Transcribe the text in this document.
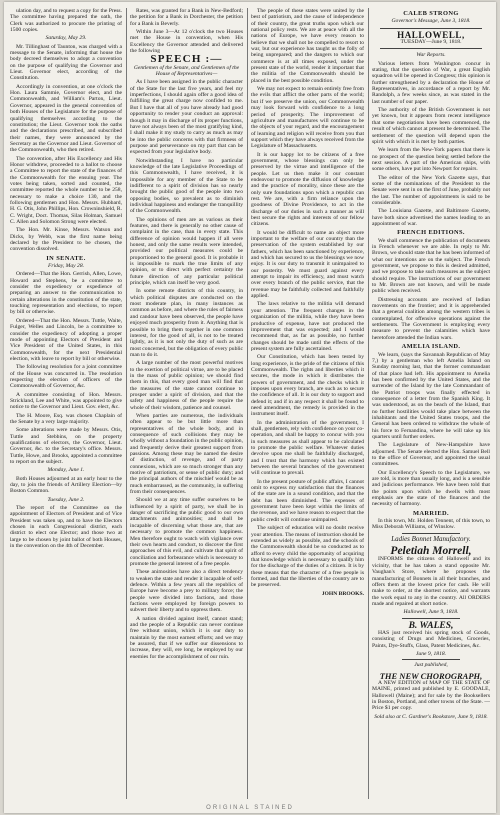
ulation day, and to request a copy for the Press. The committee having prepared the oath, the Clerk was authorized to procure the printing of 1500 copies.

Saturday, May 29.

Mr. Tillinghast of Taunton, was charged with a message to the Senate, informing that house the body decreed themselves to adopt a convention on the purpose of qualifying the Governor and Lieut. Governor elect, according of the Constitution.

Accordingly in convention, at one o'clock the Hon. Laura Sammie, Governor elect, and the Commonwealth, and William's Parton, Lieut. Governor, appeared in the general convention of both Houses of the Legislature for the purpose of qualifying themselves according to the constitution; the Lieut. Governor took the oaths and the declarations prescribed, and subscribed their names, they were announced by the Secretary as the Governor and Lieut. Governor of the Commonwealth, who then retired.

The convention, after His Excellency and His Honor withdrew, proceeded to a ballot to choose a Committee to report the state of the finances of the Commonwealth for the ensuing year. The votes being taken, sorted and counted, the committee reported the whole number to be 258, necessary to make a choice 130, and the following gentlemen and Hon. Messrs. Hubbard, H. G. Otis, John Phillips, Hon. Crowninshield, R. C. Wright, Doct. Thomas, Silas Holman, Samuel C. Allen and Solomon Strong were elected.

The Hon. Mr. Kinse, Messrs. Watson and Dicks, by Webb, was the first name being declared by the President to be chosen, the convention dissolved.

IN SENATE.

Friday, May 28.

Ordered—That the Hon. Gerrish, Allen, Lowe, Howard and Stephens, be a committee to consider the expediency or expedience of preparing an answer to the communication to certain alterations in the constitution of the state, touching representation and elections, to report by bill or otherwise.

Ordered—That the Hon. Messrs. Tuttle, Waite, Fulger, Welles and Lincoln, be a committee to consider the expediency of adopting a proper mode of appointing Electors of President and Vice President of the United States, in this Commonwealth, for the next Presidential election, with leave to report by bill or otherwise.

The following resolution for a joint committee of the House was concurred in. The resolution respecting the election of officers of the Commonwealth of Governor, &c.

A committee consisting of Hon. Messrs. Strickland, Lee and White, was appointed to give notice to the Governor and Lieut. Gov. elect, &c.

The H. Moore, Esq. was chosen Chaplain of the Senate by a very large majority.

Some alterations were made by Messrs. Otis, Tuttle and Stebbins, on the property qualifications of electors, the Governor, Lieut. Governor, &c. to the Secretary's office. Messrs. Tuttle, Howe, and Brooks, appointed a committee to report on the subject.

Monday, June 1.

Both Houses adjourned at an early hour to the day, to join the friends of Artillery Election—by Boston Common.

Tuesday, June 2.

The report of the Committee on the appointment of Electors of President and of Vice President was taken up, and to have the Electors chosen in each Congressional district, each district to elect one Elector; and those two at large to be chosen by joint ballot of both Houses, in the convention on the 4th of December.

Rates, was granted for a Bank in New-Bedford; the petition for a Bank in Dorchester, the petition for a Bank in Beverly.

Within June 3—At 12 o'clock the two Houses met the House in convention, when His Excellency the Governor attended and delivered the following

SPEECH :—

Gentlemen of the Senate, and Gentlemen of the House of Representatives—

As I have been assigned in the public character of the State for the last five years, and feel my imperfections, I should again offer a good idea of fulfilling the great charge now confided to me. But I have that all of you have already had good opportunity to render your conduct an approval: though it may in discharge of its proper functions, have not always been of the most gratifying kind, I shall make it my study to carry as much as may be into the public concerns with that firmness of purpose and perseverance on my part that can be expected from your legislative body.

Notwithstanding I have no particular knowledge of the late Legislative Proceedings of this Commonwealth, I have received, it is impossible for any member of the State to be indifferent to a spirit of division has so nearly brought the public good of the people into two opposing bodies, so prevalent as to diminish individual happiness and endanger the tranquillity of the Commonwealth.

The opinions of men are as various as their features, and there is generally no other cause of complaint in the case, than in every state. This difference of opinion would happen if all were honest, and only the same results were intended, provided our political measures could be proportioned to the general good. It is probable it is impossible to mark the true limits of any opinion, or to direct with perfect certainty the future direction of any particular political principle, which can itself be very good.

In some remote districts of this country, in which political disputes are conducted on the most moderate plan, in many instances as common as before, and where the rules of fairness and candour have been observed, the people have enjoyed much prosperity from it. Anything that is possible to bring them together in one common interest, for the good of all, is not to be treated lightly, as it is not only the duty of such as are most concerned, but the obligation of every public man to do it.

A large number of the most powerful motives to the exertion of political virtue, are to be placed in the mass of public opinion; we should find them in this, that every good man will find that the measures of the state cannot continue to prosper under a spirit of division, and that the safety and happiness of the people require the whole of their wisdom, patience and counsel.

When parties are numerous, the individuals often appear to be but little more than representatives of the whole body, and in consequence of such collisions they may be wholly without a foundation in the public opinion, and frequently derive their greatest support from passions. Among these may be named the desire of distinction, of revenge, and of party connexions, which are so much stronger than any motive of patriotism, or sense of public duty; and the principal authors of the mischief would be as much embarrassed, as the community, in suffering from their consequences.

Should we at any time suffer ourselves to be influenced by a spirit of party, we shall be in danger of sacrificing the public good to our own attachments and animosities; and shall be incapable of discerning what those are, that are necessary to promote the common happiness. Men therefore ought to watch with vigilance over their own hearts and conduct, to discover the first approaches of this evil, and cultivate that spirit of conciliation and forbearance which is necessary to promote the general interest of a free people.

These animosities have also a direct tendency to weaken the state and render it incapable of self-defence. Within a few years all the republics of Europe have become a prey to military force; the people were divided into factions, and those factions were employed by foreign powers to subvert their liberty and to oppress them.

A nation divided against itself, cannot stand; and the people of a Republic can never continue free without union, which it is our duty to maintain by the most earnest efforts; and we may be assured, that if we suffer our dissensions to increase, they will, ere long, be employed by our enemies for the accomplishment of our ruin.

The people of these states were united by the best of patriotism, and the cause of independence of their country, the great truths upon which our national policy rests. We are at peace with all the nations of Europe, we have every reason to believe that we shall not be compelled to resort to war, but our experience has taught us the folly of being unprepared; and the dangers to which our commerce is at all times exposed, under the present state of the world, render it important that the militia of the Commonwealth should be placed in the best possible condition.

We may not expect to remain entirely free from the evils that afflict the other parts of the world; but if we preserve the union, our Commonwealth may look forward with confidence to a long period of prosperity. The improvement of agriculture and manufactures will continue to be the objects of your regard, and the encouragement of learning and religion will receive from you that support which they have always received from the Legislature of Massachusetts.

It is our happy lot to be citizens of a free government, whose blessings can only be preserved by the virtue and intelligence of the people. Let us then make it our constant endeavour to promote the diffusion of knowledge and the practice of morality, since these are the only sure foundations upon which a republic can rest. We are, with a firm reliance upon the goodness of Divine Providence, to act in the discharge of our duties in such a manner as will best secure the rights and interests of our fellow citizens.

It would be difficult to name an object more important to the welfare of our country than the preservation of the system established by our fathers, which has been sanctioned by experience, and which has secured to us the blessings we now enjoy. It is our duty to transmit it unimpaired to our posterity. We must guard against every attempt to impair its efficiency, and must watch over every branch of the public service, that the revenue may be faithfully collected and faithfully applied.

The laws relative to the militia will demand your attention. The frequent changes in the organization of the militia, while they have been productive of expense, have not produced the improvement that was expected; and I would recommend that, as far as possible, no further changes should be made until the effects of the present system are fully ascertained.

Our Constitution, which has been tested by long experience, is the pride of the citizens of this Commonwealth. The rights and liberties which it secures, the mode in which it distributes the powers of government, and the checks which it imposes upon every branch, are such as to secure the confidence of all. It is our duty to support and defend it; and if in any respect it shall be found to need amendment, the remedy is provided in the instrument itself.

In the administration of the government, I shall, gentlemen, rely with confidence on your co-operation, and shall be happy to concur with you in such measures as shall appear to be calculated to promote the public welfare. Whatever duties devolve upon me shall be faithfully discharged, and I trust that the harmony which has existed between the several branches of the government will continue to prevail.

In the present posture of public affairs, I cannot omit to express my satisfaction that the finances of the state are in a sound condition, and that the debt has been diminished. The expenses of government have been kept within the limits of the revenue, and we have reason to expect that the public credit will continue unimpaired.

The subject of education will no doubt receive your attention. The means of instruction should be extended as widely as possible, and the schools of the Commonwealth should be so conducted as to afford to every child the opportunity of acquiring that knowledge which is necessary to qualify him for the discharge of the duties of a citizen. It is by these means that the character of a free people is formed, and that the liberties of the country are to be preserved.

JOHN BROOKS.

CALEB STRONG

Governor's Message, June 3, 1818.

HALLOWELL,
TUESDAY—June 9, 1818.

War Reports.

Various letters from Washington concur in stating, that the question of War, a great English squadron will be opened in Congress; this opinion is further strengthened by a declaration the House of Representatives, in accordance of a report by Mr. Randolph, a few weeks since, as was stated in the last number of our paper.

The authority of the British Government is not yet known, but it appears from recent intelligence that some negotiations have been commenced, the result of which cannot at present be determined. The settlement of the question will depend upon the spirit with which it is met by both parties.

We learn from the New-York papers that there is no prospect of the question being settled before the next session. A part of the American ships, with some others, have put into Newport for repairs.

The editor of the New York Gazette says, that some of the nominations of the President to the Senate were sent in on the first of June, probably not the last. The number of appointments is said to be considerable.

The Louisiana Gazette, and Baltimore Gazette, have both since advertised the names leading to an appointment of war.

FRENCH EDITIONS.

We shall commence the publication of documents in French whenever we are able. In reply to Mr. Brown, we should state that he has been informed of what our intentions are on the subject. The French government, we propose to this is desired admitted, and we propose to take such measures as the subject should require. The instructions of our government to Mr. Brown are not known, and will be made public when received.

Distressing accounts are received of Indian movements on the frontier; and it is apprehended that a general coalition among the western tribes is contemplated, for offensive operations against the settlements. The Government is employing every measure to prevent the calamities which have heretofore attended the Indian wars.

AMELIA ISLAND.

We learn, (says the Savannah Republican of May 7,) by a gentleman who left Amelia Island on Sunday morning last, that the former commandant of that place had left. His appointment to Amelia has been confirmed by the United States, and the surrender of the Island by the late Commandant of the Patriot troops was finally effected in consequence of a letter from the Spanish King. It was understood, as on the beach of the Island, that no further hostilities would take place between the inhabitants and the United States troops, and the General has been ordered to withdraw the whole of his force to Fernandina, where he will take up his quarters until further orders.

The Legislature of New-Hampshire have adjourned. The Senate elected the Hon. Samuel Bell to the office of Governor, and appointed the usual committees.

Our Excellency's Speech to the Legislature, we are told, is more than usually long, and is a sensible and judicious performance. We have been told that the points upon which he dwells with most emphasis are the state of the finances and the necessity of harmony.

MARRIED.

In this town, Mr. Holden Tennent, of this town, to Miss Deborah Williams, of Winslow.

Ladies Bonnet Manufactory.

Peletiah Morrell,

INFORMS the citizens of Hallowell and its vicinity, that he has taken a stand opposite Mr. Vaughan's Store, where he proposes the manufacturing of Bonnets in all their branches, and offers them at the lowest price for cash. He will make to order, at the shortest notice, and warrants the work equal to any in the country. All ORDERS made and repaired at short notice.

Hallowell, June 9, 1818.

B. WALES,

HAS just received his spring stock of Goods, consisting of Drugs and Medicines, Groceries, Paints, Dye-Stuffs, Glass, Patent Medicines, &c.

June 9, 1818.

Just published,

THE NEW CHOROGRAPH,

A NEW EDITION of MAP OF THE STATE OF MAINE, printed and published by E. GOODALE, Hallowell (Maine); and for sale by the Booksellers in Boston, Portland, and other towns of the State. — Price $1 per copy.

Sold also at C. Gardner's Bookstore, June 9, 1818.

ORIGINAL STAINED
